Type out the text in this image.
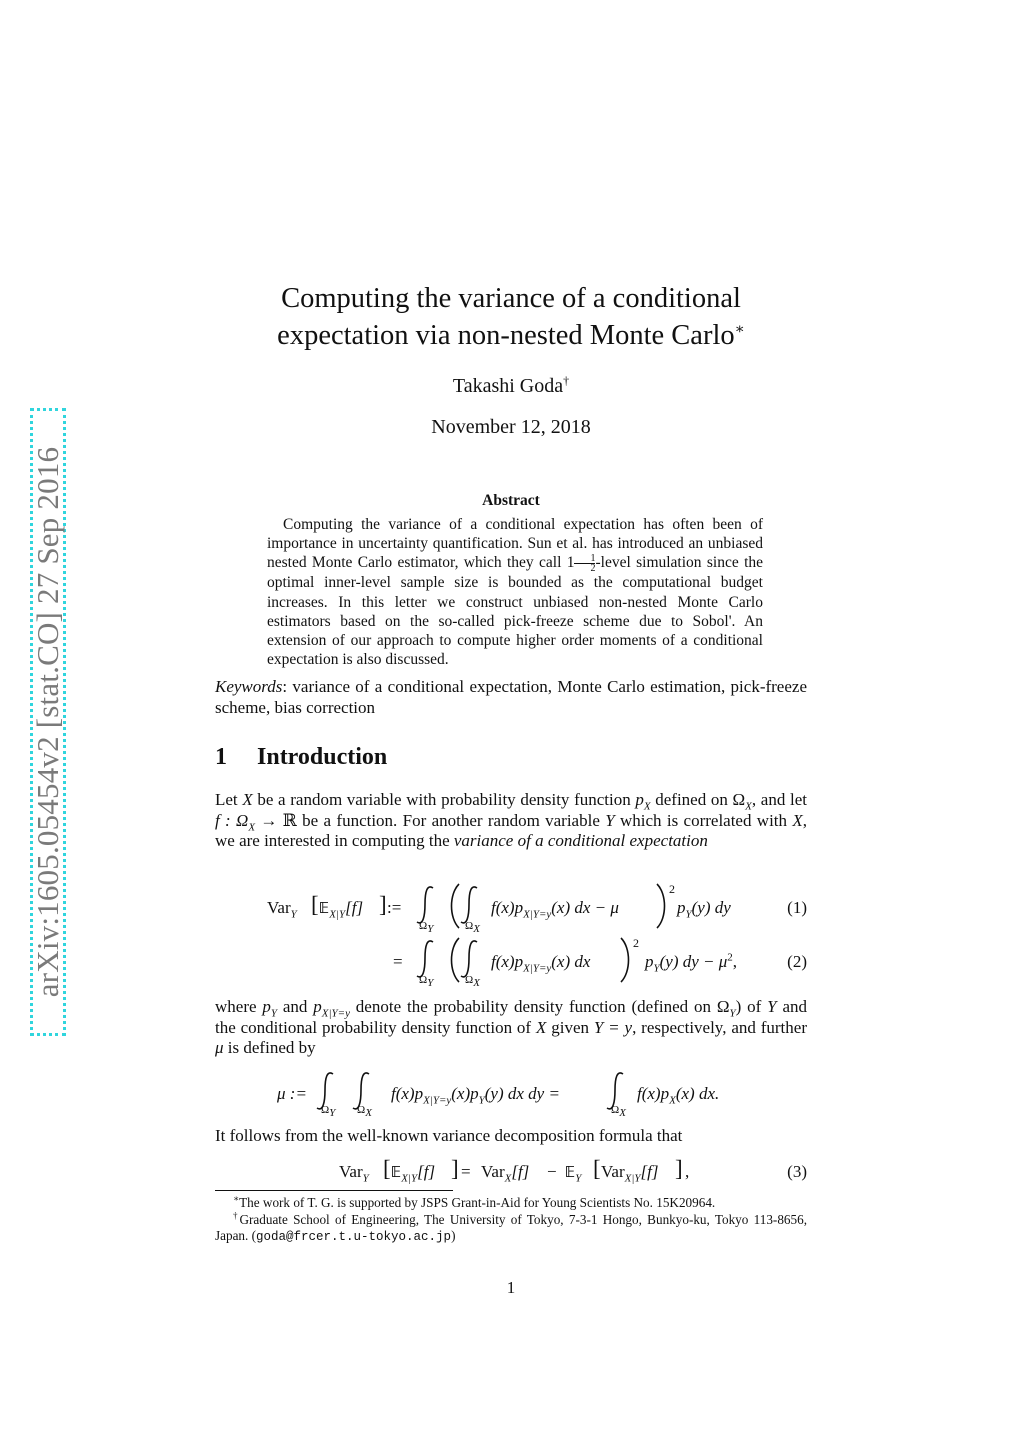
arXiv:1605.05454v2 [stat.CO] 27 Sep 2016
Computing the variance of a conditional
expectation via non-nested Monte Carlo∗
Takashi Goda†
November 12, 2018
Abstract

Computing the variance of a conditional expectation has often been of importance in uncertainty quantification. Sun et al. has introduced an unbiased nested Monte Carlo estimator, which they call $1 \frac{1}{2}$ -level simulation since the optimal inner-level sample size is bounded as the computational budget increases. In this letter we construct unbiased non-nested Monte Carlo estimators based on the so-called pick-freeze scheme due to Sobol'. An extension of our approach to compute higher order moments of a conditional expectation is also discussed.

Keywords: variance of a conditional expectation, Monte Carlo estimation, pick-freeze scheme, bias correction

1 Introduction

Let X be a random variable with probability density function $p_X$ defined on $\Omega_X$, and let f : $\Omega_X$ → ℝ be a function. For another random variable Y which is correlated with X, we are interested in computing the variance of a conditional expectation

Var$_Y$ [ 𝔼$_{X|Y}$[f] ] :=
$\Omega_Y$	$\Omega_X$
$f(x)p_{X|Y=y}(x)$ dx − μ
2
$p_Y(y)$ dy	(1)
=
$\Omega_Y$	$\Omega_X$
$f(x)p_{X|Y=y}(x)$ dx
2
$p_Y(y)$ dy − $\mu^2$,	(2)

where $p_Y$ and $p_{X|Y=y}$ denote the probability density function (defined on $\Omega_Y$) of Y and the conditional probability density function of X given Y = y, respectively, and further μ is defined by

μ :=
$\Omega_Y$ $\Omega_X$
$f(x)p_{X|Y=y}(x)p_Y(y)$ dx dy =
$\Omega_X$
$f(x)p_X(x)$ dx.

It follows from the well-known variance decomposition formula that

Var$_Y$ [ 𝔼$_{X|Y}$[f] ] = Var$_X$[f] − 𝔼$_Y$ [ Var$_{X|Y}$[f] ] ,	(3)

∗The work of T. G. is supported by JSPS Grant-in-Aid for Young Scientists No. 15K20964.

†Graduate School of Engineering, The University of Tokyo, 7-3-1 Hongo, Bunkyo-ku, Tokyo 113-8656, Japan. (goda@frcer.t.u-tokyo.ac.jp)

1
